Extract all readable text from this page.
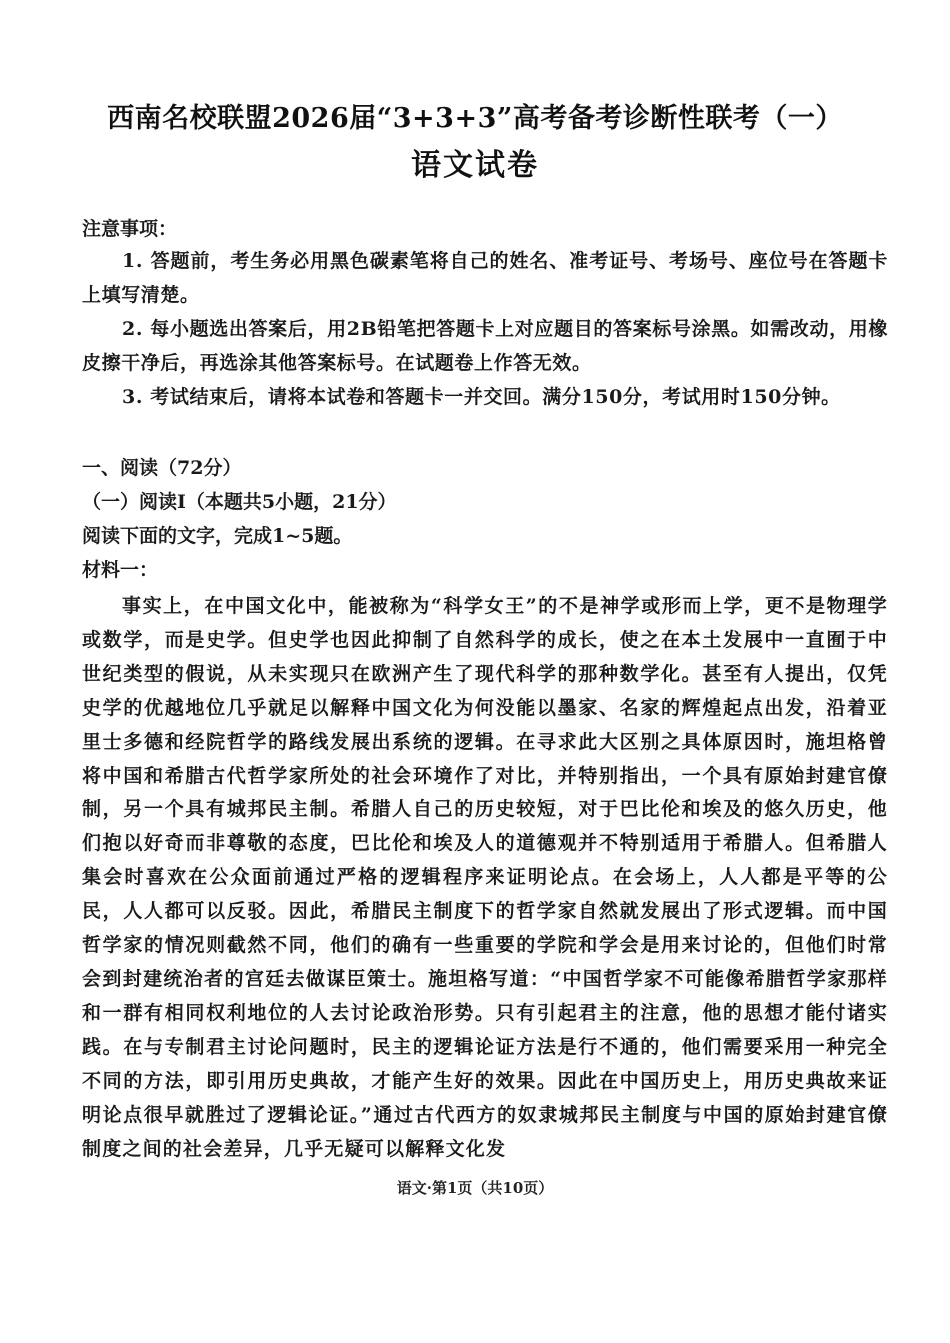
西南名校联盟2026届“3+3+3”高考备考诊断性联考（一）
语文试卷
注意事项：
1. 答题前，考生务必用黑色碳素笔将自己的姓名、准考证号、考场号、座位号在答题卡上填写清楚。
2. 每小题选出答案后，用2B铅笔把答题卡上对应题目的答案标号涂黑。如需改动，用橡皮擦干净后，再选涂其他答案标号。在试题卷上作答无效。
3. 考试结束后，请将本试卷和答题卡一并交回。满分150分，考试用时150分钟。
一、阅读（72分）
（一）阅读Ⅰ（本题共5小题，21分）
阅读下面的文字，完成1~5题。
材料一：
事实上，在中国文化中，能被称为“科学女王”的不是神学或形而上学，更不是物理学或数学，而是史学。但史学也因此抑制了自然科学的成长，使之在本土发展中一直囿于中世纪类型的假说，从未实现只在欧洲产生了现代科学的那种数学化。甚至有人提出，仅凭史学的优越地位几乎就足以解释中国文化为何没能以墨家、名家的辉煌起点出发，沿着亚里士多德和经院哲学的路线发展出系统的逻辑。在寻求此大区别之具体原因时，施坦格曾将中国和希腊古代哲学家所处的社会环境作了对比，并特别指出，一个具有原始封建官僚制，另一个具有城邦民主制。希腊人自己的历史较短，对于巴比伦和埃及的悠久历史，他们抱以好奇而非尊敬的态度，巴比伦和埃及人的道德观并不特别适用于希腊人。但希腊人集会时喜欢在公众面前通过严格的逻辑程序来证明论点。在会场上，人人都是平等的公民，人人都可以反驳。因此，希腊民主制度下的哲学家自然就发展出了形式逻辑。而中国哲学家的情况则截然不同，他们的确有一些重要的学院和学会是用来讨论的，但他们时常会到封建统治者的宫廷去做谋臣策士。施坦格写道：“中国哲学家不可能像希腊哲学家那样和一群有相同权利地位的人去讨论政治形势。只有引起君主的注意，他的思想才能付诸实践。在与专制君主讨论问题时，民主的逻辑论证方法是行不通的，他们需要采用一种完全不同的方法，即引用历史典故，才能产生好的效果。因此在中国历史上，用历史典故来证明论点很早就胜过了逻辑论证。”通过古代西方的奴隶城邦民主制度与中国的原始封建官僚制度之间的社会差异，几乎无疑可以解释文化发
语文·第1页（共10页）
